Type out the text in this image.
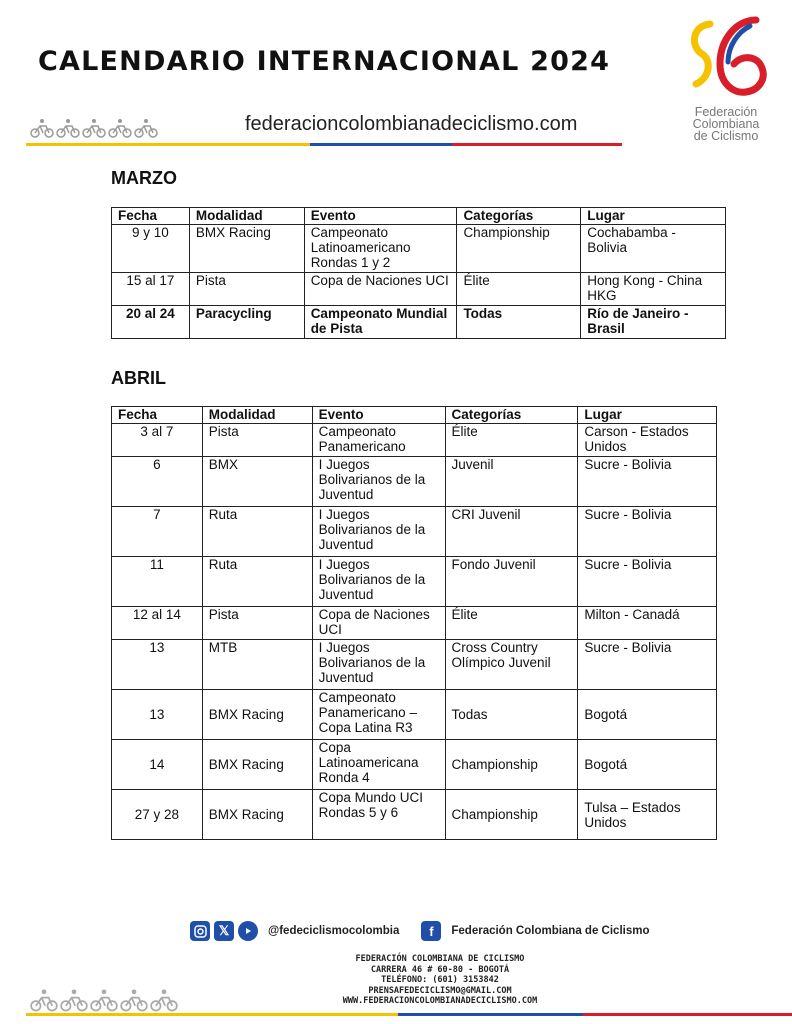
CALENDARIO INTERNACIONAL 2024
Federación
Colombiana
de Ciclismo
federacioncolombianadeciclismo.com
MARZO
Fecha	Modalidad	Evento	Categorías	Lugar
9 y 10	BMX Racing	Campeonato Latinoamericano Rondas 1 y 2	Championship	Cochabamba - Bolivia
15 al 17	Pista	Copa de Naciones UCI	Élite	Hong Kong - China HKG
20 al 24	Paracycling	Campeonato Mundial de Pista	Todas	Río de Janeiro - Brasil
ABRIL
Fecha	Modalidad	Evento	Categorías	Lugar
3 al 7	Pista	Campeonato Panamericano	Élite	Carson - Estados Unidos
6	BMX	I Juegos Bolivarianos de la Juventud	Juvenil	Sucre - Bolivia
7	Ruta	I Juegos Bolivarianos de la Juventud	CRI Juvenil	Sucre - Bolivia
11	Ruta	I Juegos Bolivarianos de la Juventud	Fondo Juvenil	Sucre - Bolivia
12 al 14	Pista	Copa de Naciones UCI	Élite	Milton - Canadá
13	MTB	I Juegos Bolivarianos de la Juventud	Cross Country Olímpico Juvenil	Sucre - Bolivia
13	BMX Racing	Campeonato Panamericano – Copa Latina R3	Todas	Bogotá
14	BMX Racing	Copa Latinoamericana Ronda 4	Championship	Bogotá
27 y 28	BMX Racing	Copa Mundo UCI Rondas 5 y 6	Championship	Tulsa – Estados Unidos
𝕏	@fedeciclismocolombia	f	Federación Colombiana de Ciclismo
FEDERACIÓN COLOMBIANA DE CICLISMO
CARRERA 46 # 60-80 - BOGOTÁ
TELÉFONO: (601) 3153842
PRENSAFEDECICLISMO@GMAIL.COM
WWW.FEDERACIONCOLOMBIANADECICLISMO.COM
